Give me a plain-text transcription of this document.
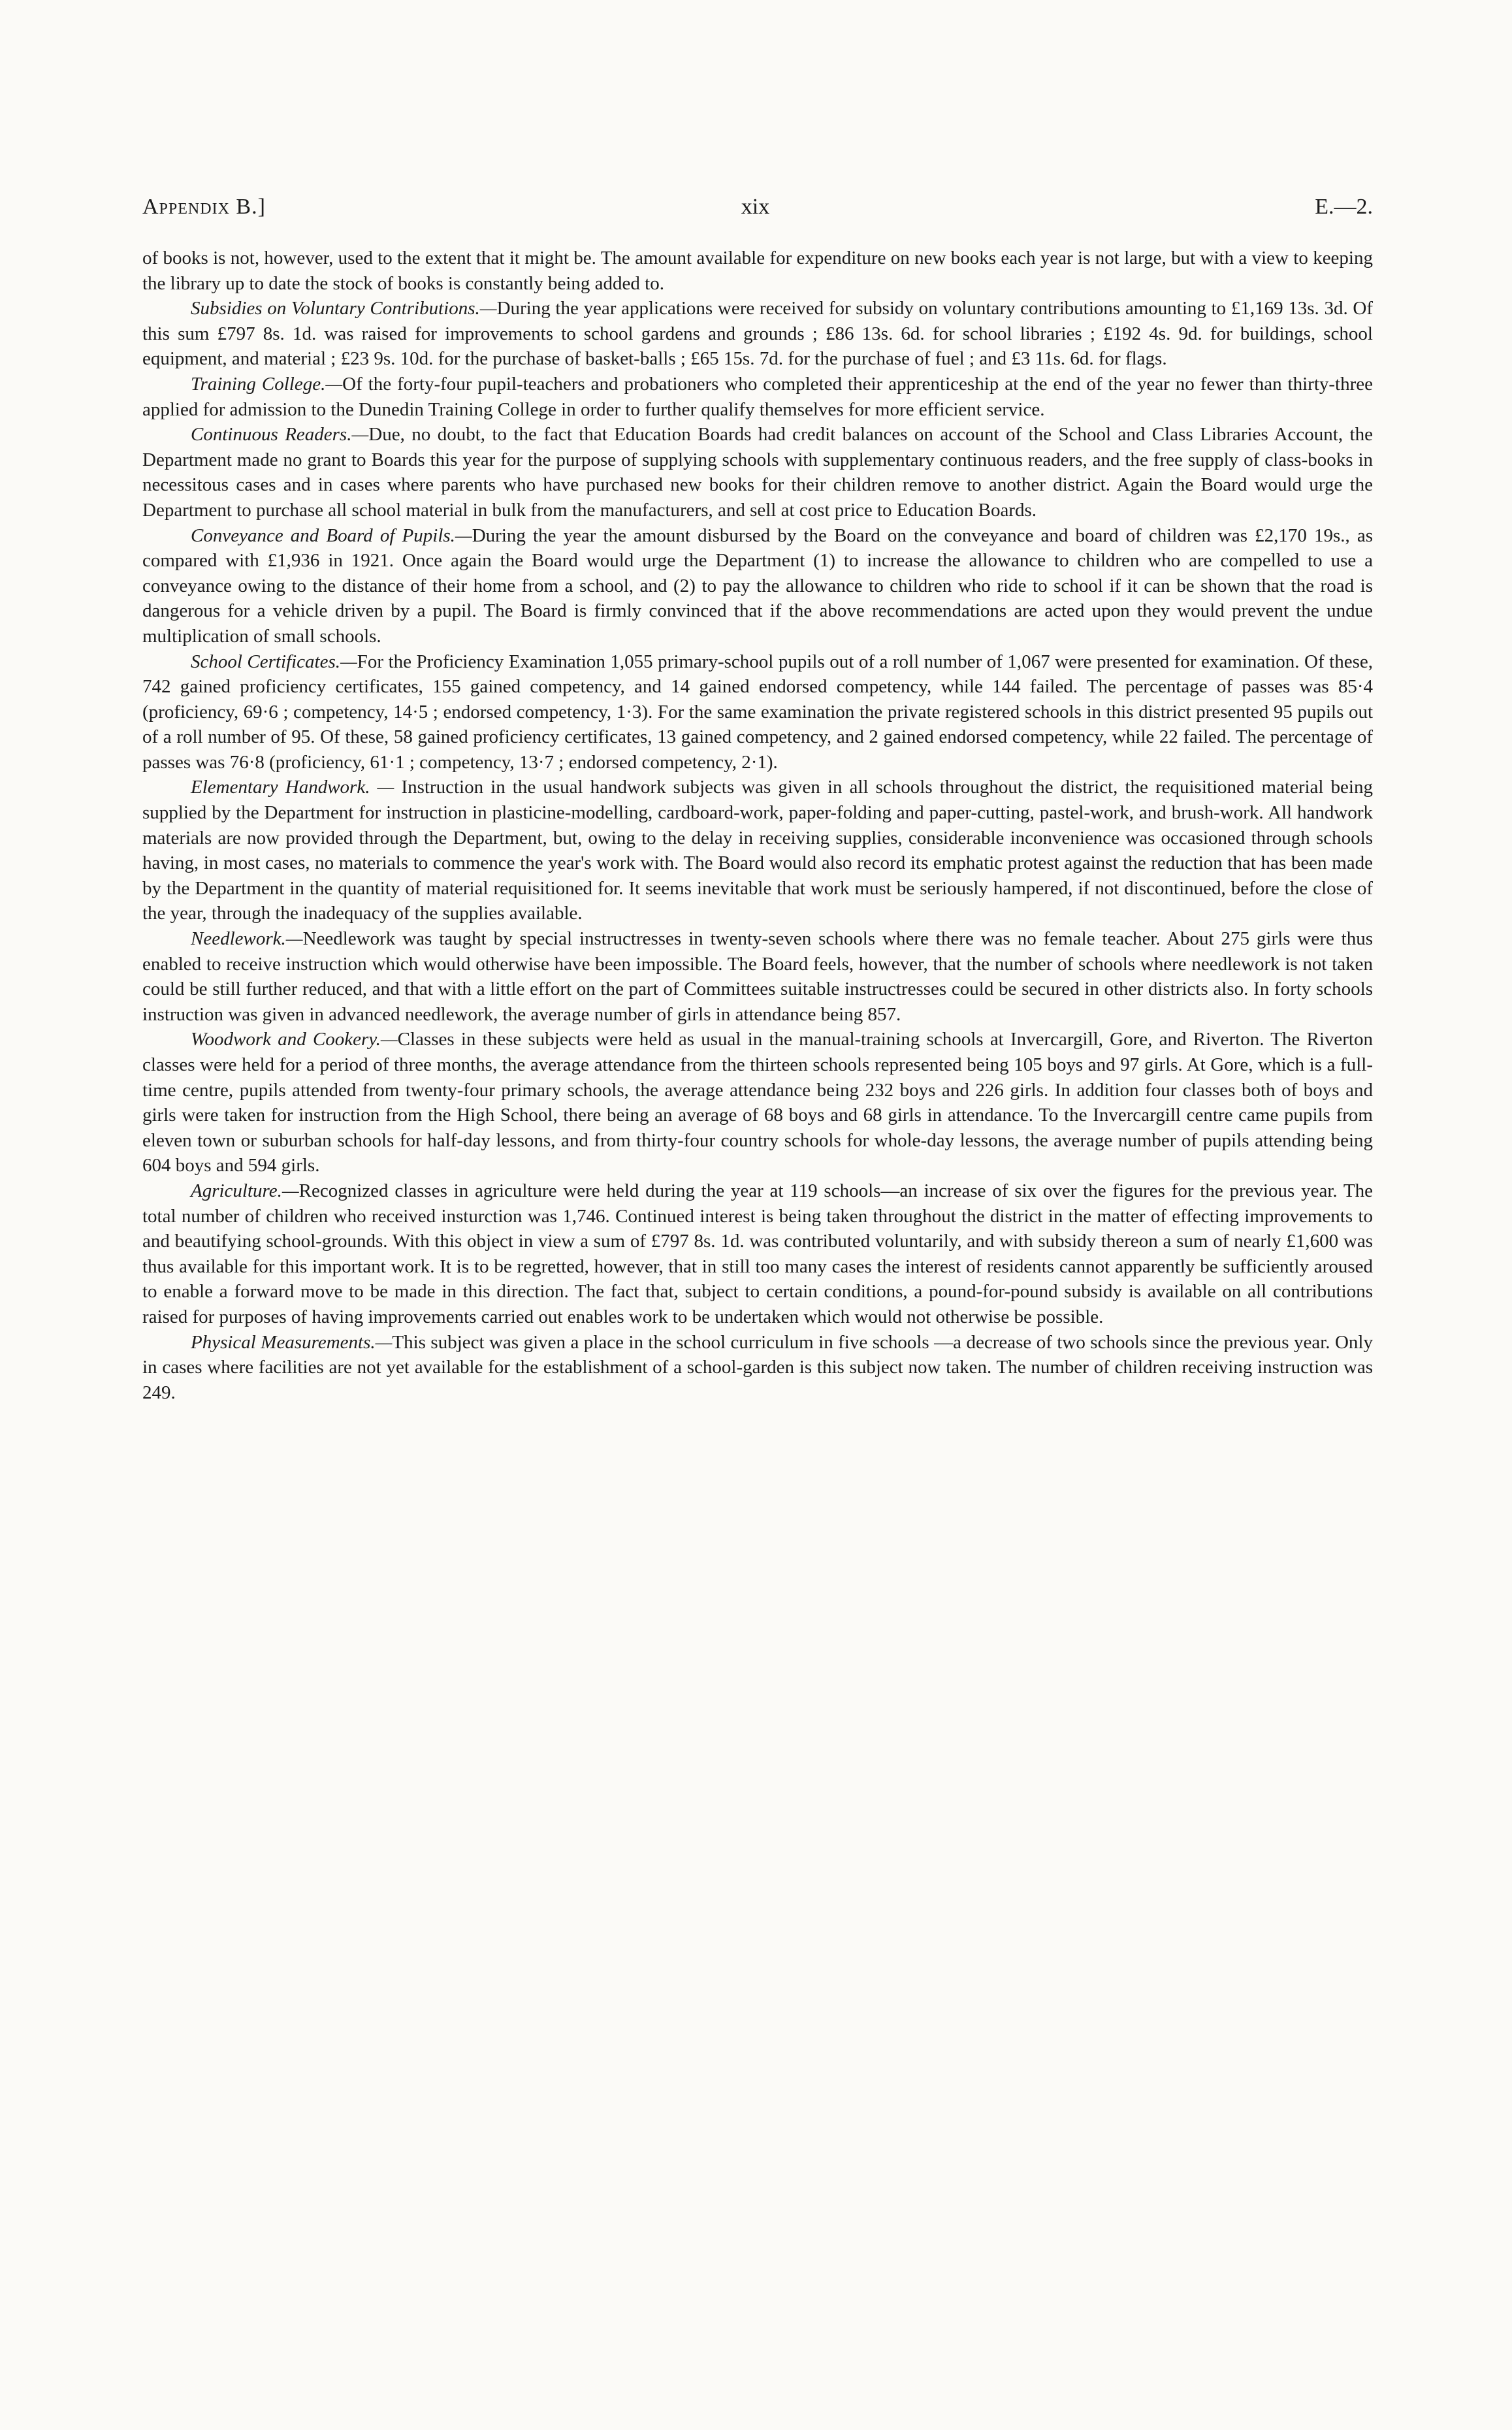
Appendix B.]	xix	E.—2.

of books is not, however, used to the extent that it might be. The amount available for expenditure on new books each year is not large, but with a view to keeping the library up to date the stock of books is constantly being added to.

Subsidies on Voluntary Contributions.—During the year applications were received for subsidy on voluntary contributions amounting to £1,169 13s. 3d. Of this sum £797 8s. 1d. was raised for improvements to school gardens and grounds ; £86 13s. 6d. for school libraries ; £192 4s. 9d. for buildings, school equipment, and material ; £23 9s. 10d. for the purchase of basket-balls ; £65 15s. 7d. for the purchase of fuel ; and £3 11s. 6d. for flags.

Training College.—Of the forty-four pupil-teachers and probationers who completed their apprenticeship at the end of the year no fewer than thirty-three applied for admission to the Dunedin Training College in order to further qualify themselves for more efficient service.

Continuous Readers.—Due, no doubt, to the fact that Education Boards had credit balances on account of the School and Class Libraries Account, the Department made no grant to Boards this year for the purpose of supplying schools with supplementary continuous readers, and the free supply of class-books in necessitous cases and in cases where parents who have purchased new books for their children remove to another district. Again the Board would urge the Department to purchase all school material in bulk from the manufacturers, and sell at cost price to Education Boards.

Conveyance and Board of Pupils.—During the year the amount disbursed by the Board on the conveyance and board of children was £2,170 19s., as compared with £1,936 in 1921. Once again the Board would urge the Department (1) to increase the allowance to children who are compelled to use a conveyance owing to the distance of their home from a school, and (2) to pay the allowance to children who ride to school if it can be shown that the road is dangerous for a vehicle driven by a pupil. The Board is firmly convinced that if the above recommendations are acted upon they would prevent the undue multiplication of small schools.

School Certificates.—For the Proficiency Examination 1,055 primary-school pupils out of a roll number of 1,067 were presented for examination. Of these, 742 gained proficiency certificates, 155 gained competency, and 14 gained endorsed competency, while 144 failed. The percentage of passes was 85·4 (proficiency, 69·6 ; competency, 14·5 ; endorsed competency, 1·3). For the same examination the private registered schools in this district presented 95 pupils out of a roll number of 95. Of these, 58 gained proficiency certificates, 13 gained competency, and 2 gained endorsed competency, while 22 failed. The percentage of passes was 76·8 (proficiency, 61·1 ; competency, 13·7 ; endorsed competency, 2·1).

Elementary Handwork. — Instruction in the usual handwork subjects was given in all schools throughout the district, the requisitioned material being supplied by the Department for instruction in plasticine-modelling, cardboard-work, paper-folding and paper-cutting, pastel-work, and brush-work. All handwork materials are now provided through the Department, but, owing to the delay in receiving supplies, considerable inconvenience was occasioned through schools having, in most cases, no materials to commence the year's work with. The Board would also record its emphatic protest against the reduction that has been made by the Department in the quantity of material requisitioned for. It seems inevitable that work must be seriously hampered, if not discontinued, before the close of the year, through the inadequacy of the supplies available.

Needlework.—Needlework was taught by special instructresses in twenty-seven schools where there was no female teacher. About 275 girls were thus enabled to receive instruction which would otherwise have been impossible. The Board feels, however, that the number of schools where needlework is not taken could be still further reduced, and that with a little effort on the part of Committees suitable instructresses could be secured in other districts also. In forty schools instruction was given in advanced needlework, the average number of girls in attendance being 857.

Woodwork and Cookery.—Classes in these subjects were held as usual in the manual-training schools at Invercargill, Gore, and Riverton. The Riverton classes were held for a period of three months, the average attendance from the thirteen schools represented being 105 boys and 97 girls. At Gore, which is a full-time centre, pupils attended from twenty-four primary schools, the average attendance being 232 boys and 226 girls. In addition four classes both of boys and girls were taken for instruction from the High School, there being an average of 68 boys and 68 girls in attendance. To the Invercargill centre came pupils from eleven town or suburban schools for half-day lessons, and from thirty-four country schools for whole-day lessons, the average number of pupils attending being 604 boys and 594 girls.

Agriculture.—Recognized classes in agriculture were held during the year at 119 schools—an increase of six over the figures for the previous year. The total number of children who received insturction was 1,746. Continued interest is being taken throughout the district in the matter of effecting improvements to and beautifying school-grounds. With this object in view a sum of £797 8s. 1d. was contributed voluntarily, and with subsidy thereon a sum of nearly £1,600 was thus available for this important work. It is to be regretted, however, that in still too many cases the interest of residents cannot apparently be sufficiently aroused to enable a forward move to be made in this direction. The fact that, subject to certain conditions, a pound-for-pound subsidy is available on all contributions raised for purposes of having improvements carried out enables work to be undertaken which would not otherwise be possible.

Physical Measurements.—This subject was given a place in the school curriculum in five schools —a decrease of two schools since the previous year. Only in cases where facilities are not yet available for the establishment of a school-garden is this subject now taken. The number of children receiving instruction was 249.
